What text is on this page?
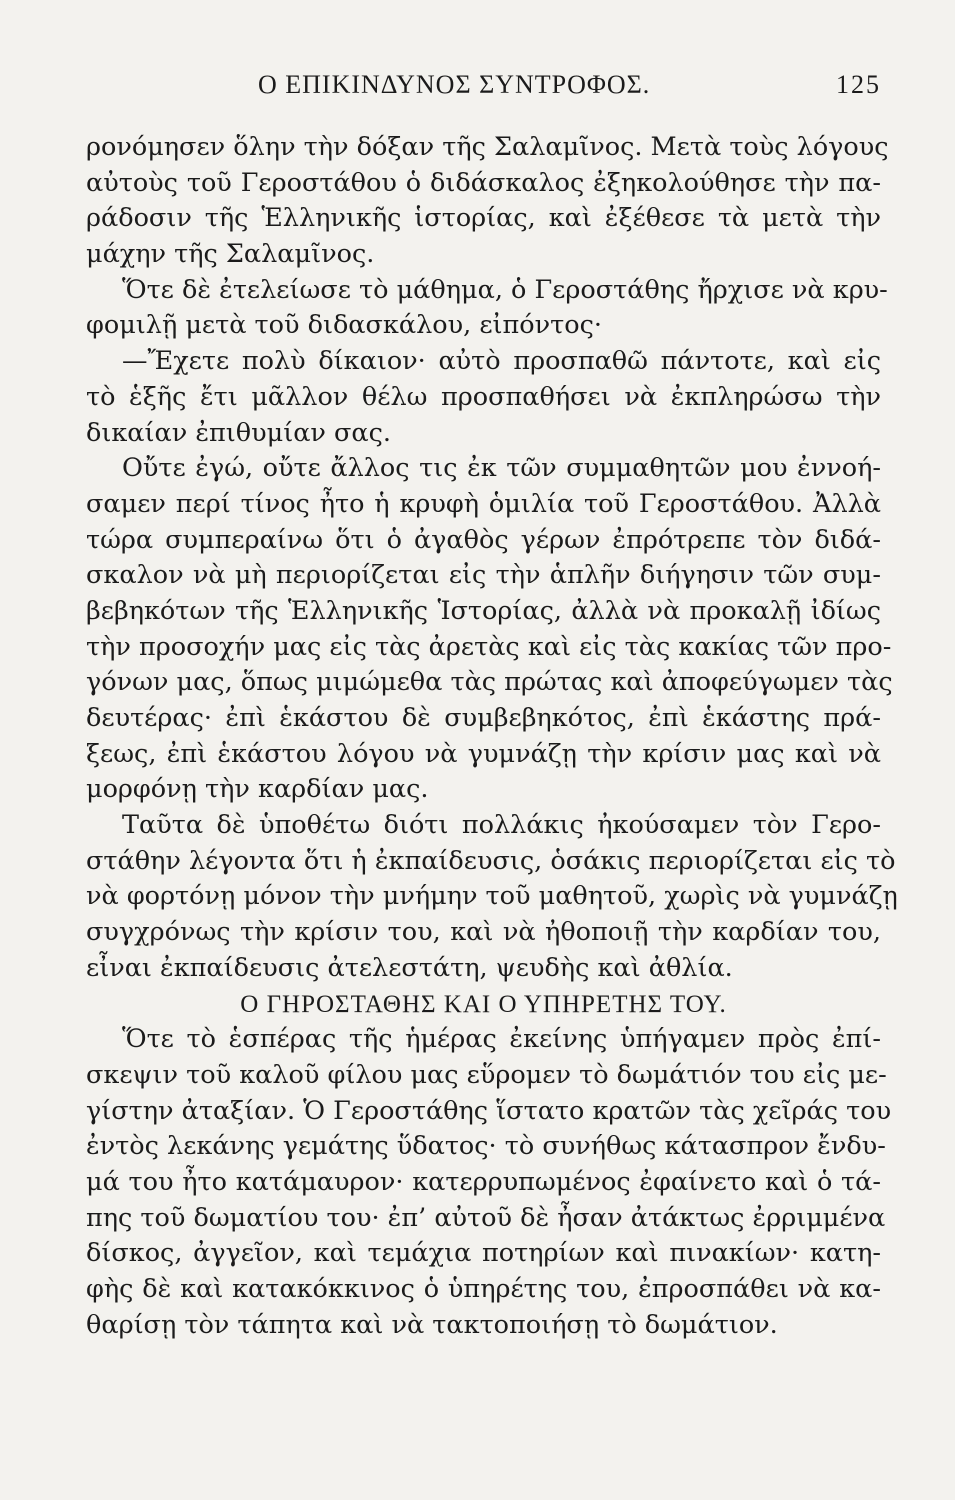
Ο ΕΠΙΚΙΝΔΥΝΟΣ ΣΥΝΤΡΟΦΟΣ.	125
ρονόμησεν ὅλην τὴν δόξαν τῆς Σαλαμῖνος. Μετὰ τοὺς λόγους
αὐτοὺς τοῦ Γεροστάθου ὁ διδάσκαλος ἐξηκολούθησε τὴν πα-
ράδοσιν τῆς Ἑλληνικῆς ἱστορίας, καὶ ἐξέθεσε τὰ μετὰ τὴν
μάχην τῆς Σαλαμῖνος.
Ὅτε δὲ ἐτελείωσε τὸ μάθημα, ὁ Γεροστάθης ἤρχισε νὰ κρυ-
φομιλῇ μετὰ τοῦ διδασκάλου, εἰπόντος·
—Ἔχετε πολὺ δίκαιον· αὐτὸ προσπαθῶ πάντοτε, καὶ εἰς
τὸ ἑξῆς ἔτι μᾶλλον θέλω προσπαθήσει νὰ ἐκπληρώσω τὴν
δικαίαν ἐπιθυμίαν σας.
Οὔτε ἐγώ, οὔτε ἄλλος τις ἐκ τῶν συμμαθητῶν μου ἐννοή-
σαμεν περί τίνος ἦτο ἡ κρυφὴ ὁμιλία τοῦ Γεροστάθου. Ἀλλὰ
τώρα συμπεραίνω ὅτι ὁ ἀγαθὸς γέρων ἐπρότρεπε τὸν διδά-
σκαλον νὰ μὴ περιορίζεται εἰς τὴν ἁπλῆν διήγησιν τῶν συμ-
βεβηκότων τῆς Ἑλληνικῆς Ἱστορίας, ἀλλὰ νὰ προκαλῇ ἰδίως
τὴν προσοχήν μας εἰς τὰς ἀρετὰς καὶ εἰς τὰς κακίας τῶν προ-
γόνων μας, ὅπως μιμώμεθα τὰς πρώτας καὶ ἀποφεύγωμεν τὰς
δευτέρας· ἐπὶ ἑκάστου δὲ συμβεβηκότος, ἐπὶ ἑκάστης πρά-
ξεως, ἐπὶ ἑκάστου λόγου νὰ γυμνάζῃ τὴν κρίσιν μας καὶ νὰ
μορφόνῃ τὴν καρδίαν μας.
Ταῦτα δὲ ὑποθέτω διότι πολλάκις ἠκούσαμεν τὸν Γερο-
στάθην λέγοντα ὅτι ἡ ἐκπαίδευσις, ὁσάκις περιορίζεται εἰς τὸ
νὰ φορτόνῃ μόνον τὴν μνήμην τοῦ μαθητοῦ, χωρὶς νὰ γυμνάζῃ
συγχρόνως τὴν κρίσιν του, καὶ νὰ ἠθοποιῇ τὴν καρδίαν του,
εἶναι ἐκπαίδευσις ἀτελεστάτη, ψευδὴς καὶ ἀθλία.
Ο ΓΗΡΟΣΤΑΘΗΣ ΚΑΙ Ο ΥΠΗΡΕΤΗΣ ΤΟΥ.
Ὅτε τὸ ἑσπέρας τῆς ἡμέρας ἐκείνης ὑπήγαμεν πρὸς ἐπί-
σκεψιν τοῦ καλοῦ φίλου μας εὕρομεν τὸ δωμάτιόν του εἰς με-
γίστην ἀταξίαν. Ὁ Γεροστάθης ἵστατο κρατῶν τὰς χεῖράς του
ἐντὸς λεκάνης γεμάτης ὕδατος· τὸ συνήθως κάτασπρον ἔνδυ-
μά του ἦτο κατάμαυρον· κατερρυπωμένος ἐφαίνετο καὶ ὁ τά-
πης τοῦ δωματίου του· ἐπ’ αὐτοῦ δὲ ἦσαν ἀτάκτως ἐρριμμένα
δίσκος, ἀγγεῖον, καὶ τεμάχια ποτηρίων καὶ πινακίων· κατη-
φὴς δὲ καὶ κατακόκκινος ὁ ὑπηρέτης του, ἐπροσπάθει νὰ κα-
θαρίσῃ τὸν τάπητα καὶ νὰ τακτοποιήσῃ τὸ δωμάτιον.
